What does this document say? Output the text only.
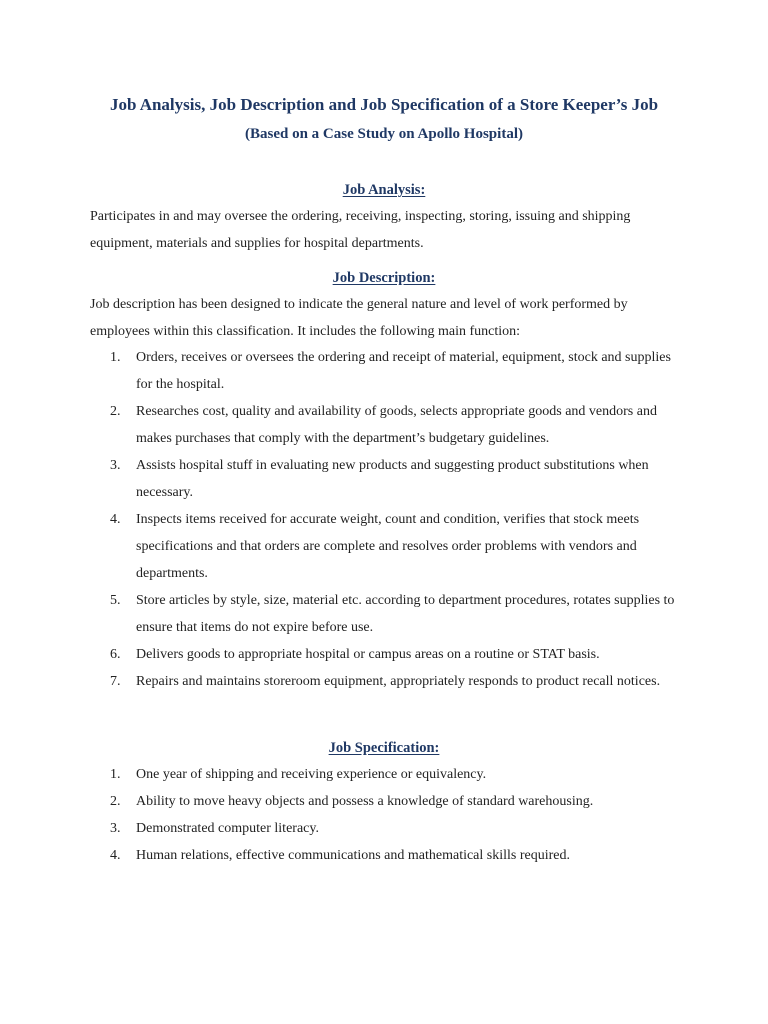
Job Analysis, Job Description and Job Specification of a Store Keeper’s Job
(Based on a Case Study on Apollo Hospital)
Job Analysis:

Participates in and may oversee the ordering, receiving, inspecting, storing, issuing and shipping equipment, materials and supplies for hospital departments.

Job Description:

Job description has been designed to indicate the general nature and level of work performed by employees within this classification. It includes the following main function:

1. Orders, receives or oversees the ordering and receipt of material, equipment, stock and supplies for the hospital.
2. Researches cost, quality and availability of goods, selects appropriate goods and vendors and makes purchases that comply with the department’s budgetary guidelines.
3. Assists hospital stuff in evaluating new products and suggesting product substitutions when necessary.
4. Inspects items received for accurate weight, count and condition, verifies that stock meets specifications and that orders are complete and resolves order problems with vendors and departments.
5. Store articles by style, size, material etc. according to department procedures, rotates supplies to ensure that items do not expire before use.
6. Delivers goods to appropriate hospital or campus areas on a routine or STAT basis.
7. Repairs and maintains storeroom equipment, appropriately responds to product recall notices.
Job Specification:
1. One year of shipping and receiving experience or equivalency.
2. Ability to move heavy objects and possess a knowledge of standard warehousing.
3. Demonstrated computer literacy.
4. Human relations, effective communications and mathematical skills required.
